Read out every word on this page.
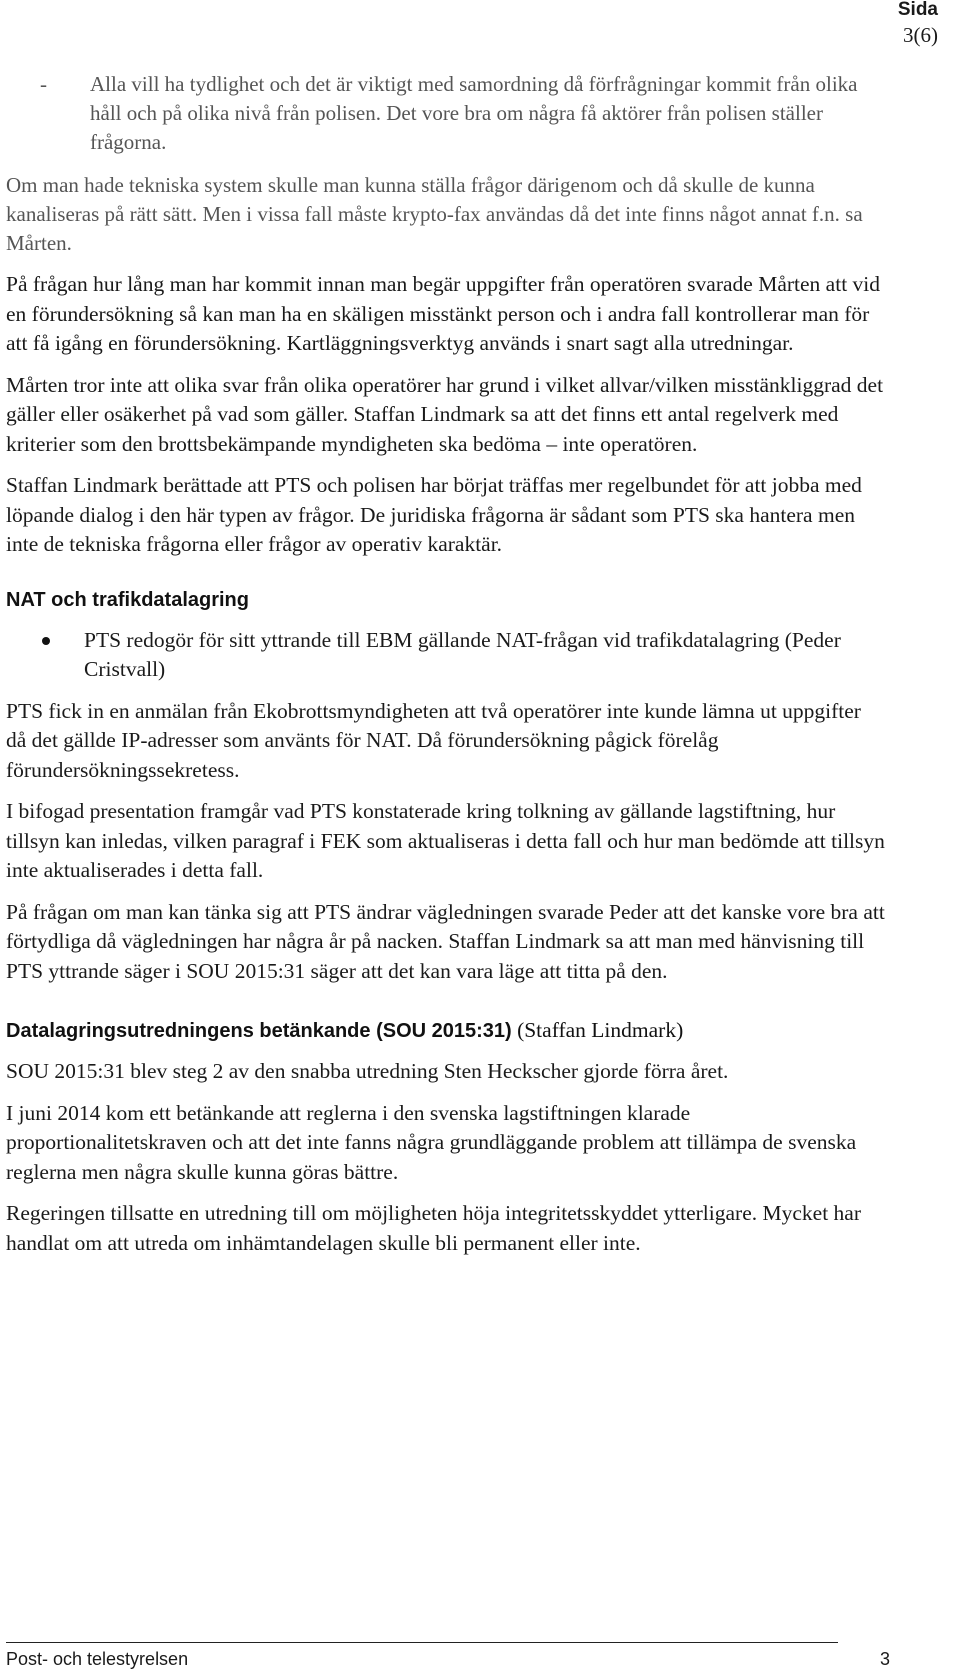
Sida
3(6)
- Alla vill ha tydlighet och det är viktigt med samordning då förfrågningar kommit från olika håll och på olika nivå från polisen. Det vore bra om några få aktörer från polisen ställer frågorna.

Om man hade tekniska system skulle man kunna ställa frågor därigenom och då skulle de kunna kanaliseras på rätt sätt. Men i vissa fall måste krypto-fax användas då det inte finns något annat f.n. sa Mårten.

På frågan hur lång man har kommit innan man begär uppgifter från operatören svarade Mårten att vid en förundersökning så kan man ha en skäligen misstänkt person och i andra fall kontrollerar man för att få igång en förundersökning. Kartläggningsverktyg används i snart sagt alla utredningar.

Mårten tror inte att olika svar från olika operatörer har grund i vilket allvar/vilken misstänkliggrad det gäller eller osäkerhet på vad som gäller. Staffan Lindmark sa att det finns ett antal regelverk med kriterier som den brottsbekämpande myndigheten ska bedöma – inte operatören.

Staffan Lindmark berättade att PTS och polisen har börjat träffas mer regelbundet för att jobba med löpande dialog i den här typen av frågor. De juridiska frågorna är sådant som PTS ska hantera men inte de tekniska frågorna eller frågor av operativ karaktär.

NAT och trafikdatalagring
PTS redogör för sitt yttrande till EBM gällande NAT-frågan vid trafikdatalagring (Peder Cristvall)

PTS fick in en anmälan från Ekobrottsmyndigheten att två operatörer inte kunde lämna ut uppgifter då det gällde IP-adresser som använts för NAT. Då förundersökning pågick förelåg förundersökningssekretess.

I bifogad presentation framgår vad PTS konstaterade kring tolkning av gällande lagstiftning, hur tillsyn kan inledas, vilken paragraf i FEK som aktualiseras i detta fall och hur man bedömde att tillsyn inte aktualiserades i detta fall.

På frågan om man kan tänka sig att PTS ändrar vägledningen svarade Peder att det kanske vore bra att förtydliga då vägledningen har några år på nacken. Staffan Lindmark sa att man med hänvisning till PTS yttrande säger i SOU 2015:31 säger att det kan vara läge att titta på den.

Datalagringsutredningens betänkande (SOU 2015:31) (Staffan Lindmark)

SOU 2015:31 blev steg 2 av den snabba utredning Sten Heckscher gjorde förra året.

I juni 2014 kom ett betänkande att reglerna i den svenska lagstiftningen klarade proportionalitetskraven och att det inte fanns några grundläggande problem att tillämpa de svenska reglerna men några skulle kunna göras bättre.

Regeringen tillsatte en utredning till om möjligheten höja integritetsskyddet ytterligare. Mycket har handlat om att utreda om inhämtandelagen skulle bli permanent eller inte.

Post- och telestyrelsen	3
